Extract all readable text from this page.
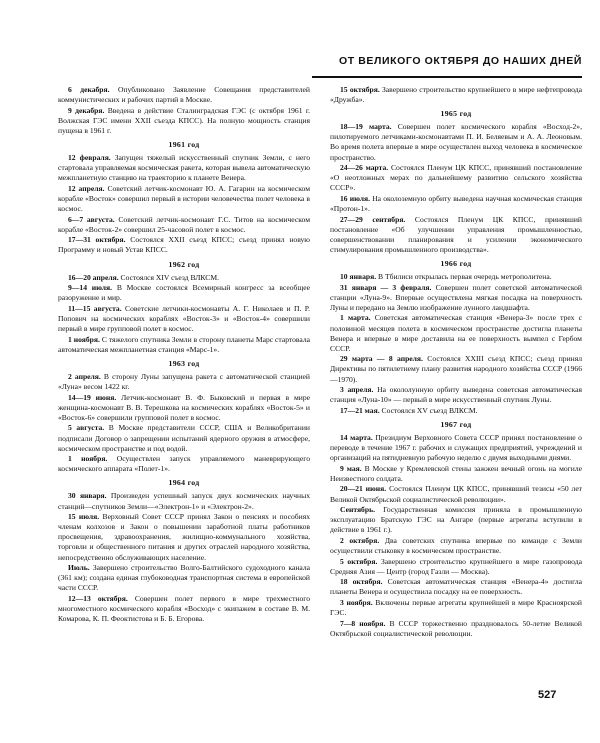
ОТ ВЕЛИКОГО ОКТЯБРЯ ДО НАШИХ ДНЕЙ

6 декабря. Опубликовано Заявление Совещания представителей коммунистических и рабочих партий в Москве.

9 декабря. Введена в действие Сталинградская ГЭС (с октября 1961 г. Волжская ГЭС имени XXII съезда КПСС). На полную мощность станция пущена в 1961 г.

1961 год

12 февраля. Запущен тяжелый искусственный спутник Земли, с него стартовала управляемая космическая ракета, которая вывела автоматическую межпланетную станцию на траекторию к планете Венера.

12 апреля. Советский летчик-космонавт Ю. А. Гагарин на космическом корабле «Восток» совершил первый в истории человечества полет человека в космос.

6—7 августа. Советский летчик-космонавт Г.С. Титов на космическом корабле «Восток-2» совершил 25-часовой полет в космос.

17—31 октября. Состоялся XXII съезд КПСС; съезд принял новую Программу и новый Устав КПСС.

1962 год

16—20 апреля. Состоялся XIV съезд ВЛКСМ.

9—14 июля. В Москве состоялся Всемирный конгресс за всеобщее разоружение и мир.

11—15 августа. Советские летчики-космонавты А. Г. Николаев и П. Р. Попович на космических кораблях «Восток-3» и «Восток-4» совершили первый в мире групповой полет в космос.

1 ноября. С тяжелого спутника Земли в сторону планеты Марс стартовала автоматическая межпланетная станция «Марс-1».

1963 год

2 апреля. В сторону Луны запущена ракета с автоматической станцией «Луна» весом 1422 кг.

14—19 июня. Летчик-космонавт В. Ф. Быковский и первая в мире женщина-космонавт В. В. Терешкова на космических кораблях «Восток-5» и «Восток-6» совершили групповой полет в космос.

5 августа. В Москве представители СССР, США и Великобритании подписали Договор о запрещении испытаний ядерного оружия в атмосфере, космическом пространстве и под водой.

1 ноября. Осуществлен запуск управляемого маневрирующего космического аппарата «Полет-1».

1964 год

30 января. Произведен успешный запуск двух космических научных станций—спутников Земли—«Электрон-1» и «Электрон-2».

15 июля. Верховный Совет СССР принял Закон о пенсиях и пособиях членам колхозов и Закон о повышении заработной платы работников просвещения, здравоохранения, жилищно-коммунального хозяйства, торговли и общественного питания и других отраслей народного хозяйства, непосредственно обслуживающих население.

Июль. Завершено строительство Волго-Балтийского судоходного канала (361 км); создана единая глубоководная транспортная система в европейской части СССР.

12—13 октября. Совершен полет первого в мире трехместного многоместного космического корабля «Восход» с экипажем в составе В. М. Комарова, К. П. Феоктистова и Б. Б. Егорова.

15 октября. Завершено строительство крупнейшего в мире нефтепровода «Дружба».

1965 год

18—19 марта. Совершен полет космического корабля «Восход-2», пилотируемого летчиками-космонавтами П. И. Беляевым и А. А. Леоновым. Во время полета впервые в мире осуществлен выход человека в космическое пространство.

24—26 марта. Состоялся Пленум ЦК КПСС, принявший постановление «О неотложных мерах по дальнейшему развитию сельского хозяйства СССР».

16 июля. На околоземную орбиту выведена научная космическая станция «Протон-1».

27—29 сентября. Состоялся Пленум ЦК КПСС, принявший постановление «Об улучшении управления промышленностью, совершенствовании планирования и усилении экономического стимулирования промышленного производства».

1966 год

10 января. В Тбилиси открылась первая очередь метрополитена.

31 января — 3 февраля. Совершен полет советской автоматической станции «Луна-9». Впервые осуществлена мягкая посадка на поверхность Луны и передано на Землю изображение лунного ландшафта.

1 марта. Советская автоматическая станция «Венера-3» после трех с половиной месяцев полета в космическом пространстве достигла планеты Венера и впервые в мире доставила на ее поверхность вымпел с Гербом СССР.

29 марта — 8 апреля. Состоялся XXIII съезд КПСС; съезд принял Директивы по пятилетнему плану развития народного хозяйства СССР (1966—1970).

3 апреля. На окололунную орбиту выведена советская автоматическая станция «Луна-10» — первый в мире искусственный спутник Луны.

17—21 мая. Состоялся XV съезд ВЛКСМ.

1967 год

14 марта. Президиум Верховного Совета СССР принял постановление о переводе в течение 1967 г. рабочих и служащих предприятий, учреждений и организаций на пятидневную рабочую неделю с двумя выходными днями.

9 мая. В Москве у Кремлевской стены зажжен вечный огонь на могиле Неизвестного солдата.

20—21 июня. Состоялся Пленум ЦК КПСС, принявший тезисы «50 лет Великой Октябрьской социалистической революции».

Сентябрь. Государственная комиссия приняла в промышленную эксплуатацию Братскую ГЭС на Ангаре (первые агрегаты вступили в действие в 1961 г.).

2 октября. Два советских спутника впервые по команде с Земли осуществили стыковку в космическом пространстве.

5 октября. Завершено строительство крупнейшего в мире газопровода Средняя Азия — Центр (город Газли — Москва).

18 октября. Советская автоматическая станция «Венера-4» достигла планеты Венера и осуществила посадку на ее поверхность.

3 ноября. Включены первые агрегаты крупнейшей в мире Красноярской ГЭС.

7—8 ноября. В СССР торжественно праздновалось 50-летие Великой Октябрьской социалистической революции.

527
